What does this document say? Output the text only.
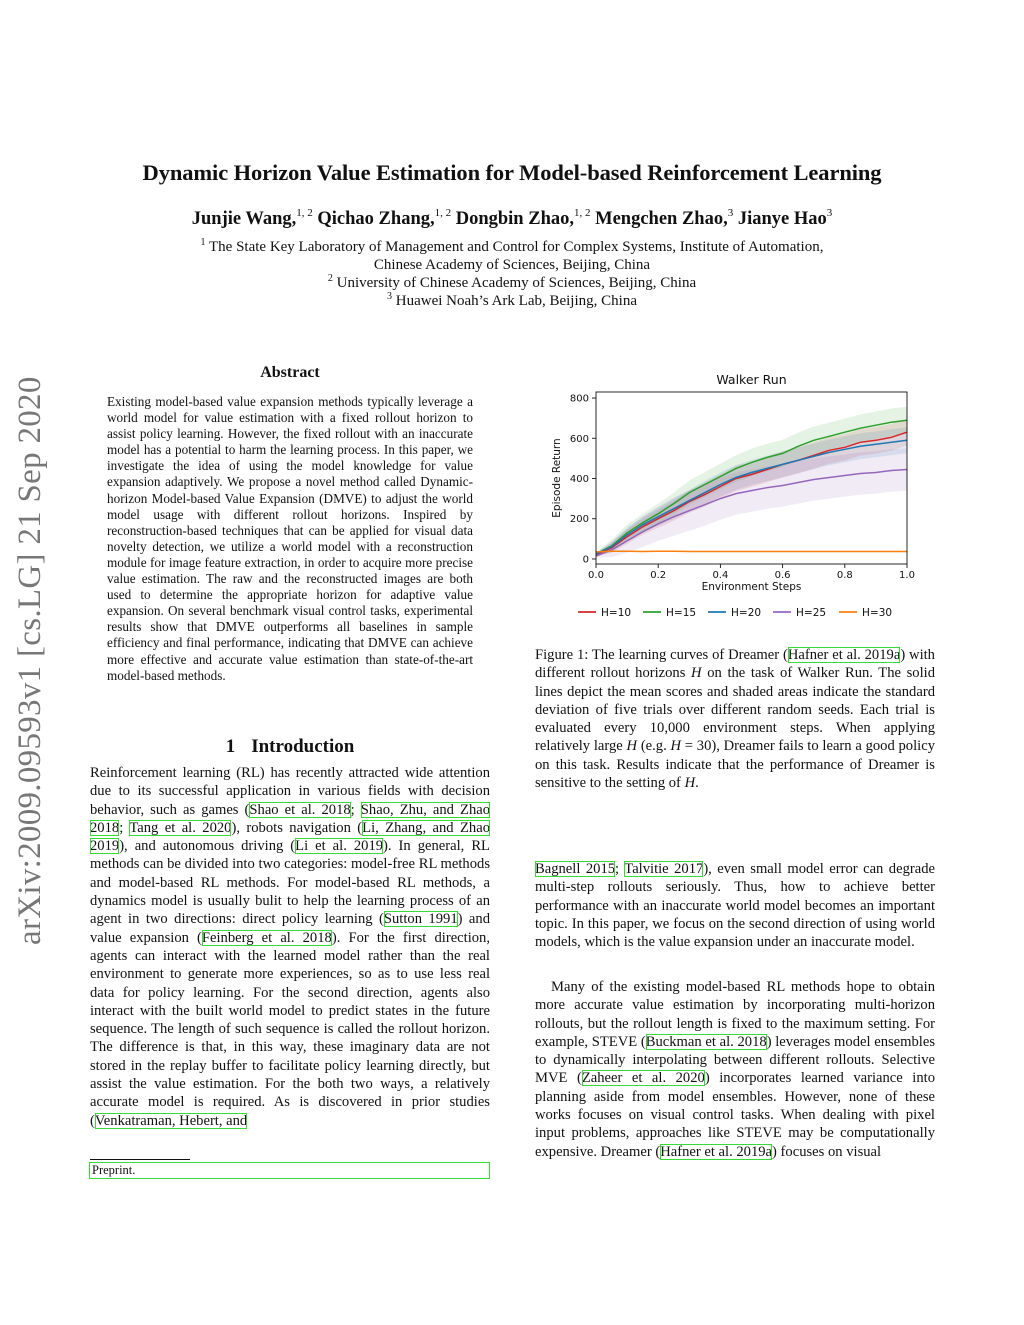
Dynamic Horizon Value Estimation for Model-based Reinforcement Learning
Junjie Wang,$^{1, 2}$ Qichao Zhang,$^{1, 2}$ Dongbin Zhao,$^{1, 2}$ Mengchen Zhao,$^3$ Jianye Hao$^3$
$^1$ The State Key Laboratory of Management and Control for Complex Systems, Institute of Automation,
Chinese Academy of Sciences, Beijing, China
$^2$ University of Chinese Academy of Sciences, Beijing, China
$^3$ Huawei Noah’s Ark Lab, Beijing, China
arXiv:2009.09593v1 [cs.LG] 21 Sep 2020
Abstract
Existing model-based value expansion methods typically leverage a world model for value estimation with a fixed rollout horizon to assist policy learning. However, the fixed rollout with an inaccurate model has a potential to harm the learning process. In this paper, we investigate the idea of using the model knowledge for value expansion adaptively. We propose a novel method called Dynamic-horizon Model-based Value Expansion (DMVE) to adjust the world model usage with different rollout horizons. Inspired by reconstruction-based techniques that can be applied for visual data novelty detection, we utilize a world model with a reconstruction module for image feature extraction, in order to acquire more precise value estimation. The raw and the reconstructed images are both used to determine the appropriate horizon for adaptive value expansion. On several benchmark visual control tasks, experimental results show that DMVE outperforms all baselines in sample efficiency and final performance, indicating that DMVE can achieve more effective and accurate value estimation than state-of-the-art model-based methods.
1 Introduction
Reinforcement learning (RL) has recently attracted wide attention due to its successful application in various fields with decision behavior, such as games (Shao et al. 2018; Shao, Zhu, and Zhao 2018; Tang et al. 2020), robots navigation (Li, Zhang, and Zhao 2019), and autonomous driving (Li et al. 2019). In general, RL methods can be divided into two categories: model-free RL methods and model-based RL methods. For model-based RL methods, a dynamics model is usually bulit to help the learning process of an agent in two directions: direct policy learning (Sutton 1991) and value expansion (Feinberg et al. 2018). For the first direction, agents can interact with the learned model rather than the real environment to generate more experiences, so as to use less real data for policy learning. For the second direction, agents also interact with the built world model to predict states in the future sequence. The length of such sequence is called the rollout horizon. The difference is that, in this way, these imaginary data are not stored in the replay buffer to facilitate policy learning directly, but assist the value estimation. For the both two ways, a relatively accurate model is required. As is discovered in prior studies (Venkatraman, Hebert, and
Preprint.
Walker Run
0.0	0.2	0.4	0.6	0.8	1.0
0
200
400
600
800
Environment Steps
Episode Return
H=10	H=15	H=20	H=25	H=30
Figure 1: The learning curves of Dreamer (Hafner et al. 2019a) with different rollout horizons H on the task of Walker Run. The solid lines depict the mean scores and shaded areas indicate the standard deviation of five trials over different random seeds. Each trial is evaluated every 10,000 environment steps. When applying relatively large H (e.g. H = 30), Dreamer fails to learn a good policy on this task. Results indicate that the performance of Dreamer is sensitive to the setting of H.
Bagnell 2015; Talvitie 2017), even small model error can degrade multi-step rollouts seriously. Thus, how to achieve better performance with an inaccurate world model becomes an important topic. In this paper, we focus on the second direction of using world models, which is the value expansion under an inaccurate model.
Many of the existing model-based RL methods hope to obtain more accurate value estimation by incorporating multi-horizon rollouts, but the rollout length is fixed to the maximum setting. For example, STEVE (Buckman et al. 2018) leverages model ensembles to dynamically interpolating between different rollouts. Selective MVE (Zaheer et al. 2020) incorporates learned variance into planning aside from model ensembles. However, none of these works focuses on visual control tasks. When dealing with pixel input problems, approaches like STEVE may be computationally expensive. Dreamer (Hafner et al. 2019a) focuses on visual
